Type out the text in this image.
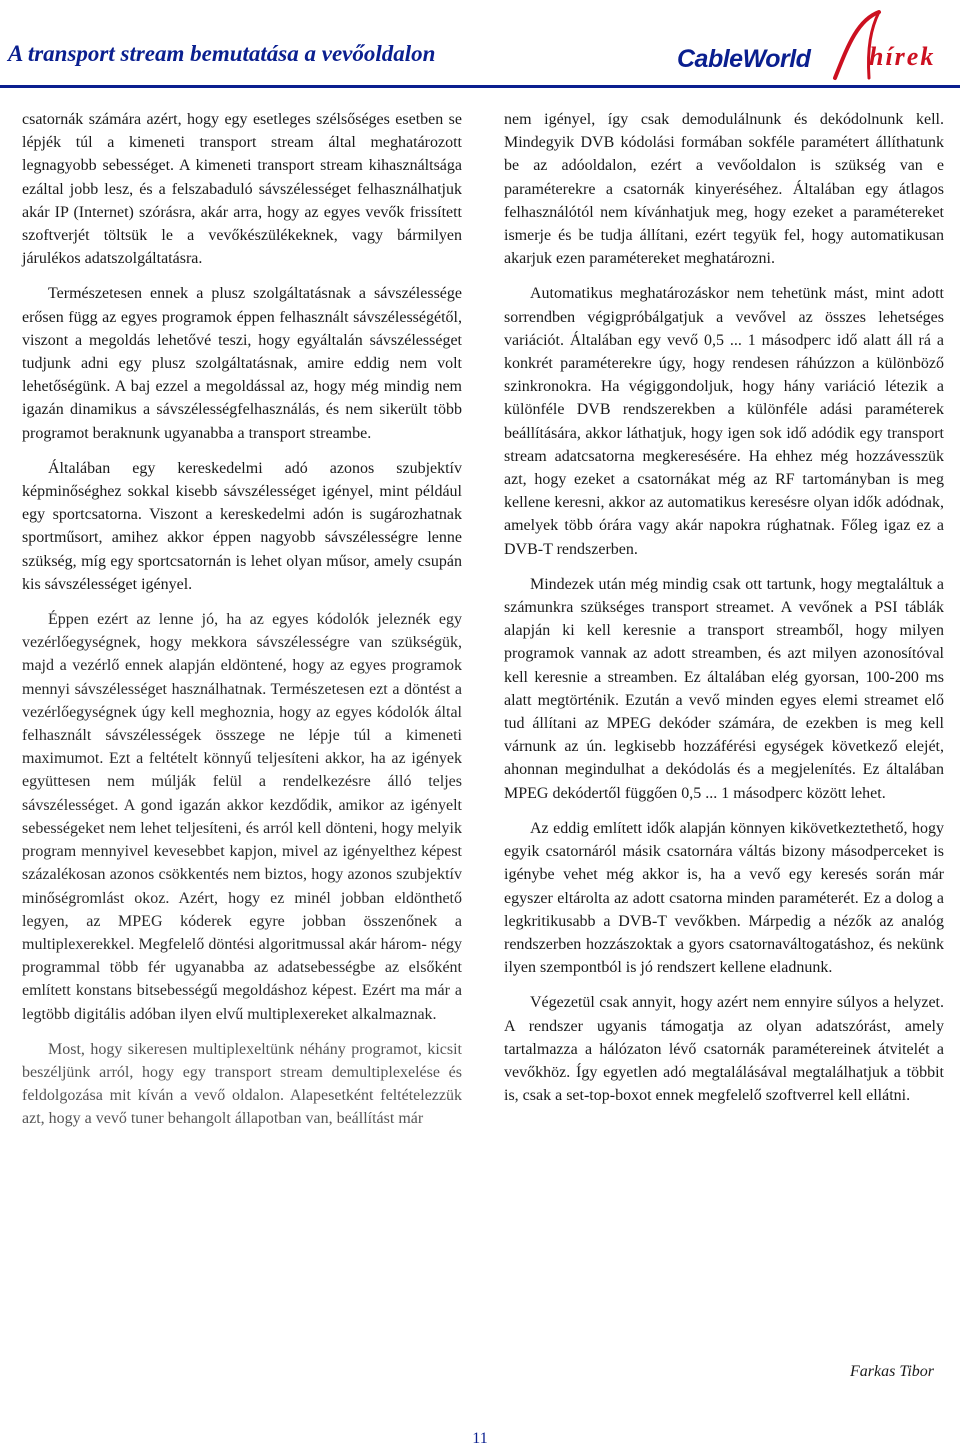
A transport stream bemutatása a vevőoldalon	CableWorld hírek

csatornák számára azért, hogy egy esetleges szélsőséges esetben se lépjék túl a kimeneti transport stream által meghatározott legnagyobb sebességet. A kimeneti transport stream kihasználtsága ezáltal jobb lesz, és a felszabaduló sávszélességet felhasználhatjuk akár IP (Internet) szórásra, akár arra, hogy az egyes vevők frissített szoftverjét töltsük le a vevőkészülékeknek, vagy bármilyen járulékos adatszolgáltatásra.

Természetesen ennek a plusz szolgáltatásnak a sávszélessége erősen függ az egyes programok éppen felhasznált sávszélességétől, viszont a megoldás lehetővé teszi, hogy egyáltalán sávszélességet tudjunk adni egy plusz szolgáltatásnak, amire eddig nem volt lehetőségünk. A baj ezzel a megoldással az, hogy még mindig nem igazán dinamikus a sávszélességfelhasználás, és nem sikerült több programot beraknunk ugyanabba a transport streambe.

Általában egy kereskedelmi adó azonos szubjektív képminőséghez sokkal kisebb sávszélességet igényel, mint például egy sportcsatorna. Viszont a kereskedelmi adón is sugározhatnak sportműsort, amihez akkor éppen nagyobb sávszélességre lenne szükség, míg egy sportcsatornán is lehet olyan műsor, amely csupán kis sávszélességet igényel.

Éppen ezért az lenne jó, ha az egyes kódolók jeleznék egy vezérlőegységnek, hogy mekkora sávszélességre van szükségük, majd a vezérlő ennek alapján eldöntené, hogy az egyes programok mennyi sávszélességet használhatnak. Természetesen ezt a döntést a vezérlőegységnek úgy kell meghoznia, hogy az egyes kódolók által felhasznált sávszélességek összege ne lépje túl a kimeneti maximumot. Ezt a feltételt könnyű teljesíteni akkor, ha az igények együttesen nem múlják felül a rendelkezésre álló teljes sávszélességet. A gond igazán akkor kezdődik, amikor az igényelt sebességeket nem lehet teljesíteni, és arról kell dönteni, hogy melyik program mennyivel kevesebbet kapjon, mivel az igényelthez képest százalékosan azonos csökkentés nem biztos, hogy azonos szubjektív minőségromlást okoz. Azért, hogy ez minél jobban eldönthető legyen, az MPEG kóderek egyre jobban összenőnek a multiplexerekkel. Megfelelő döntési algoritmussal akár három- négy programmal több fér ugyanabba az adatsebességbe az elsőként említett konstans bitsebességű megoldáshoz képest. Ezért ma már a legtöbb digitális adóban ilyen elvű multiplexereket alkalmaznak.

Most, hogy sikeresen multiplexeltünk néhány programot, kicsit beszéljünk arról, hogy egy transport stream demultiplexelése és feldolgozása mit kíván a vevő oldalon. Alapesetként feltételezzük azt, hogy a vevő tuner behangolt állapotban van, beállítást már

nem igényel, így csak demodulálnunk és dekódolnunk kell. Mindegyik DVB kódolási formában sokféle paramétert állíthatunk be az adóoldalon, ezért a vevőoldalon is szükség van e paraméterekre a csatornák kinyeréséhez. Általában egy átlagos felhasználótól nem kívánhatjuk meg, hogy ezeket a paramétereket ismerje és be tudja állítani, ezért tegyük fel, hogy automatikusan akarjuk ezen paramétereket meghatározni.

Automatikus meghatározáskor nem tehetünk mást, mint adott sorrendben végigpróbálgatjuk a vevővel az összes lehetséges variációt. Általában egy vevő 0,5 ... 1 másodperc idő alatt áll rá a konkrét paraméterekre úgy, hogy rendesen ráhúzzon a különböző szinkronokra. Ha végiggondoljuk, hogy hány variáció létezik a különféle DVB rendszerekben a különféle adási paraméterek beállítására, akkor láthatjuk, hogy igen sok idő adódik egy transport stream adatcsatorna megkeresésére. Ha ehhez még hozzávesszük azt, hogy ezeket a csatornákat még az RF tartományban is meg kellene keresni, akkor az automatikus keresésre olyan idők adódnak, amelyek több órára vagy akár napokra rúghatnak. Főleg igaz ez a DVB-T rendszerben.

Mindezek után még mindig csak ott tartunk, hogy megtaláltuk a számunkra szükséges transport streamet. A vevőnek a PSI táblák alapján ki kell keresnie a transport streamből, hogy milyen programok vannak az adott streamben, és azt milyen azonosítóval kell keresnie a streamben. Ez általában elég gyorsan, 100-200 ms alatt megtörténik. Ezután a vevő minden egyes elemi streamet elő tud állítani az MPEG dekóder számára, de ezekben is meg kell várnunk az ún. legkisebb hozzáférési egységek következő elejét, ahonnan megindulhat a dekódolás és a megjelenítés. Ez általában MPEG dekódertől függően 0,5 ... 1 másodperc között lehet.

Az eddig említett idők alapján könnyen kikövetkeztethető, hogy egyik csatornáról másik csatornára váltás bizony másodperceket is igénybe vehet még akkor is, ha a vevő egy keresés során már egyszer eltárolta az adott csatorna minden paraméterét. Ez a dolog a legkritikusabb a DVB-T vevőkben. Márpedig a nézők az analóg rendszerben hozzászoktak a gyors csatornaváltogatáshoz, és nekünk ilyen szempontból is jó rendszert kellene eladnunk.

Végezetül csak annyit, hogy azért nem ennyire súlyos a helyzet. A rendszer ugyanis támogatja az olyan adatszórást, amely tartalmazza a hálózaton lévő csatornák paramétereinek átvitelét a vevőkhöz. Így egyetlen adó megtalálásával megtalálhatjuk a többit is, csak a set-top-boxot ennek megfelelő szoftverrel kell ellátni.

Farkas Tibor
11
